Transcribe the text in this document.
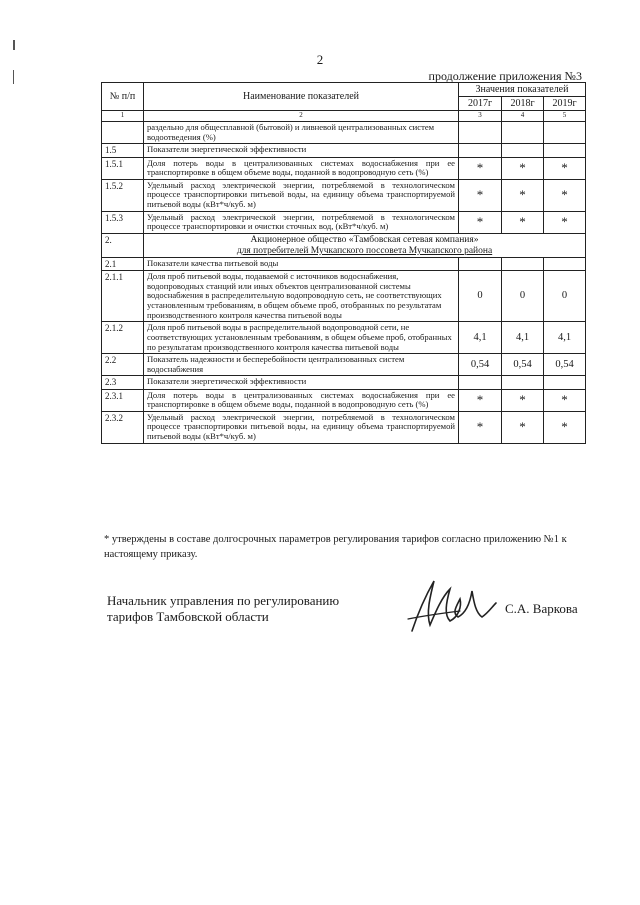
2
продолжение приложения №3
№ п/п	Наименование показателей	Значения показателей		
		2017г	2018г	2019г
1	2	3	4	5
	раздельно для общесплавной (бытовой) и ливневой централизованных систем водоотведения (%)			
1.5	Показатели энергетической эффективности			
1.5.1	Доля потерь воды в централизованных системах водоснабжения при ее транспортировке в общем объеме воды, поданной в водопроводную сеть (%)	*	*	*
1.5.2	Удельный расход электрической энергии, потребляемой в технологическом процессе транспортировки питьевой воды, на единицу объема транспортируемой питьевой воды (кВт*ч/куб. м)	*	*	*
1.5.3	Удельный расход электрической энергии, потребляемой в технологическом процессе транспортировки и очистки сточных вод, (кВт*ч/куб. м)	*	*	*
2.	Акционерное общество «Тамбовская сетевая компания»
для потребителей Мучкапского поссовета Мучкапского района			

2.1	Показатели качества питьевой воды			
2.1.1	Доля проб питьевой воды, подаваемой с источников водоснабжения, водопроводных станций или иных объектов централизованной системы водоснабжения в распределительную водопроводную сеть, не соответствующих установленным требованиям, в общем объеме проб, отобранных по результатам производственного контроля качества питьевой воды	0	0	0
2.1.2	Доля проб питьевой воды в распределительной водопроводной сети, не соответствующих установленным требованиям, в общем объеме проб, отобранных по результатам производственного контроля качества питьевой воды	4,1	4,1	4,1
2.2	Показатель надежности и бесперебойности централизованных систем водоснабжения	0,54	0,54	0,54
2.3	Показатели энергетической эффективности			
2.3.1	Доля потерь воды в централизованных системах водоснабжения при ее транспортировке в общем объеме воды, поданной в водопроводную сеть (%)	*	*	*
2.3.2	Удельный расход электрической энергии, потребляемой в технологическом процессе транспортировки питьевой воды, на единицу объема транспортируемой питьевой воды (кВт*ч/куб. м)	*	*	*
* утверждены в составе долгосрочных параметров регулирования тарифов согласно приложению №1 к настоящему приказу.
Начальник управления по регулированию
тарифов Тамбовской области
С.А. Варкова
